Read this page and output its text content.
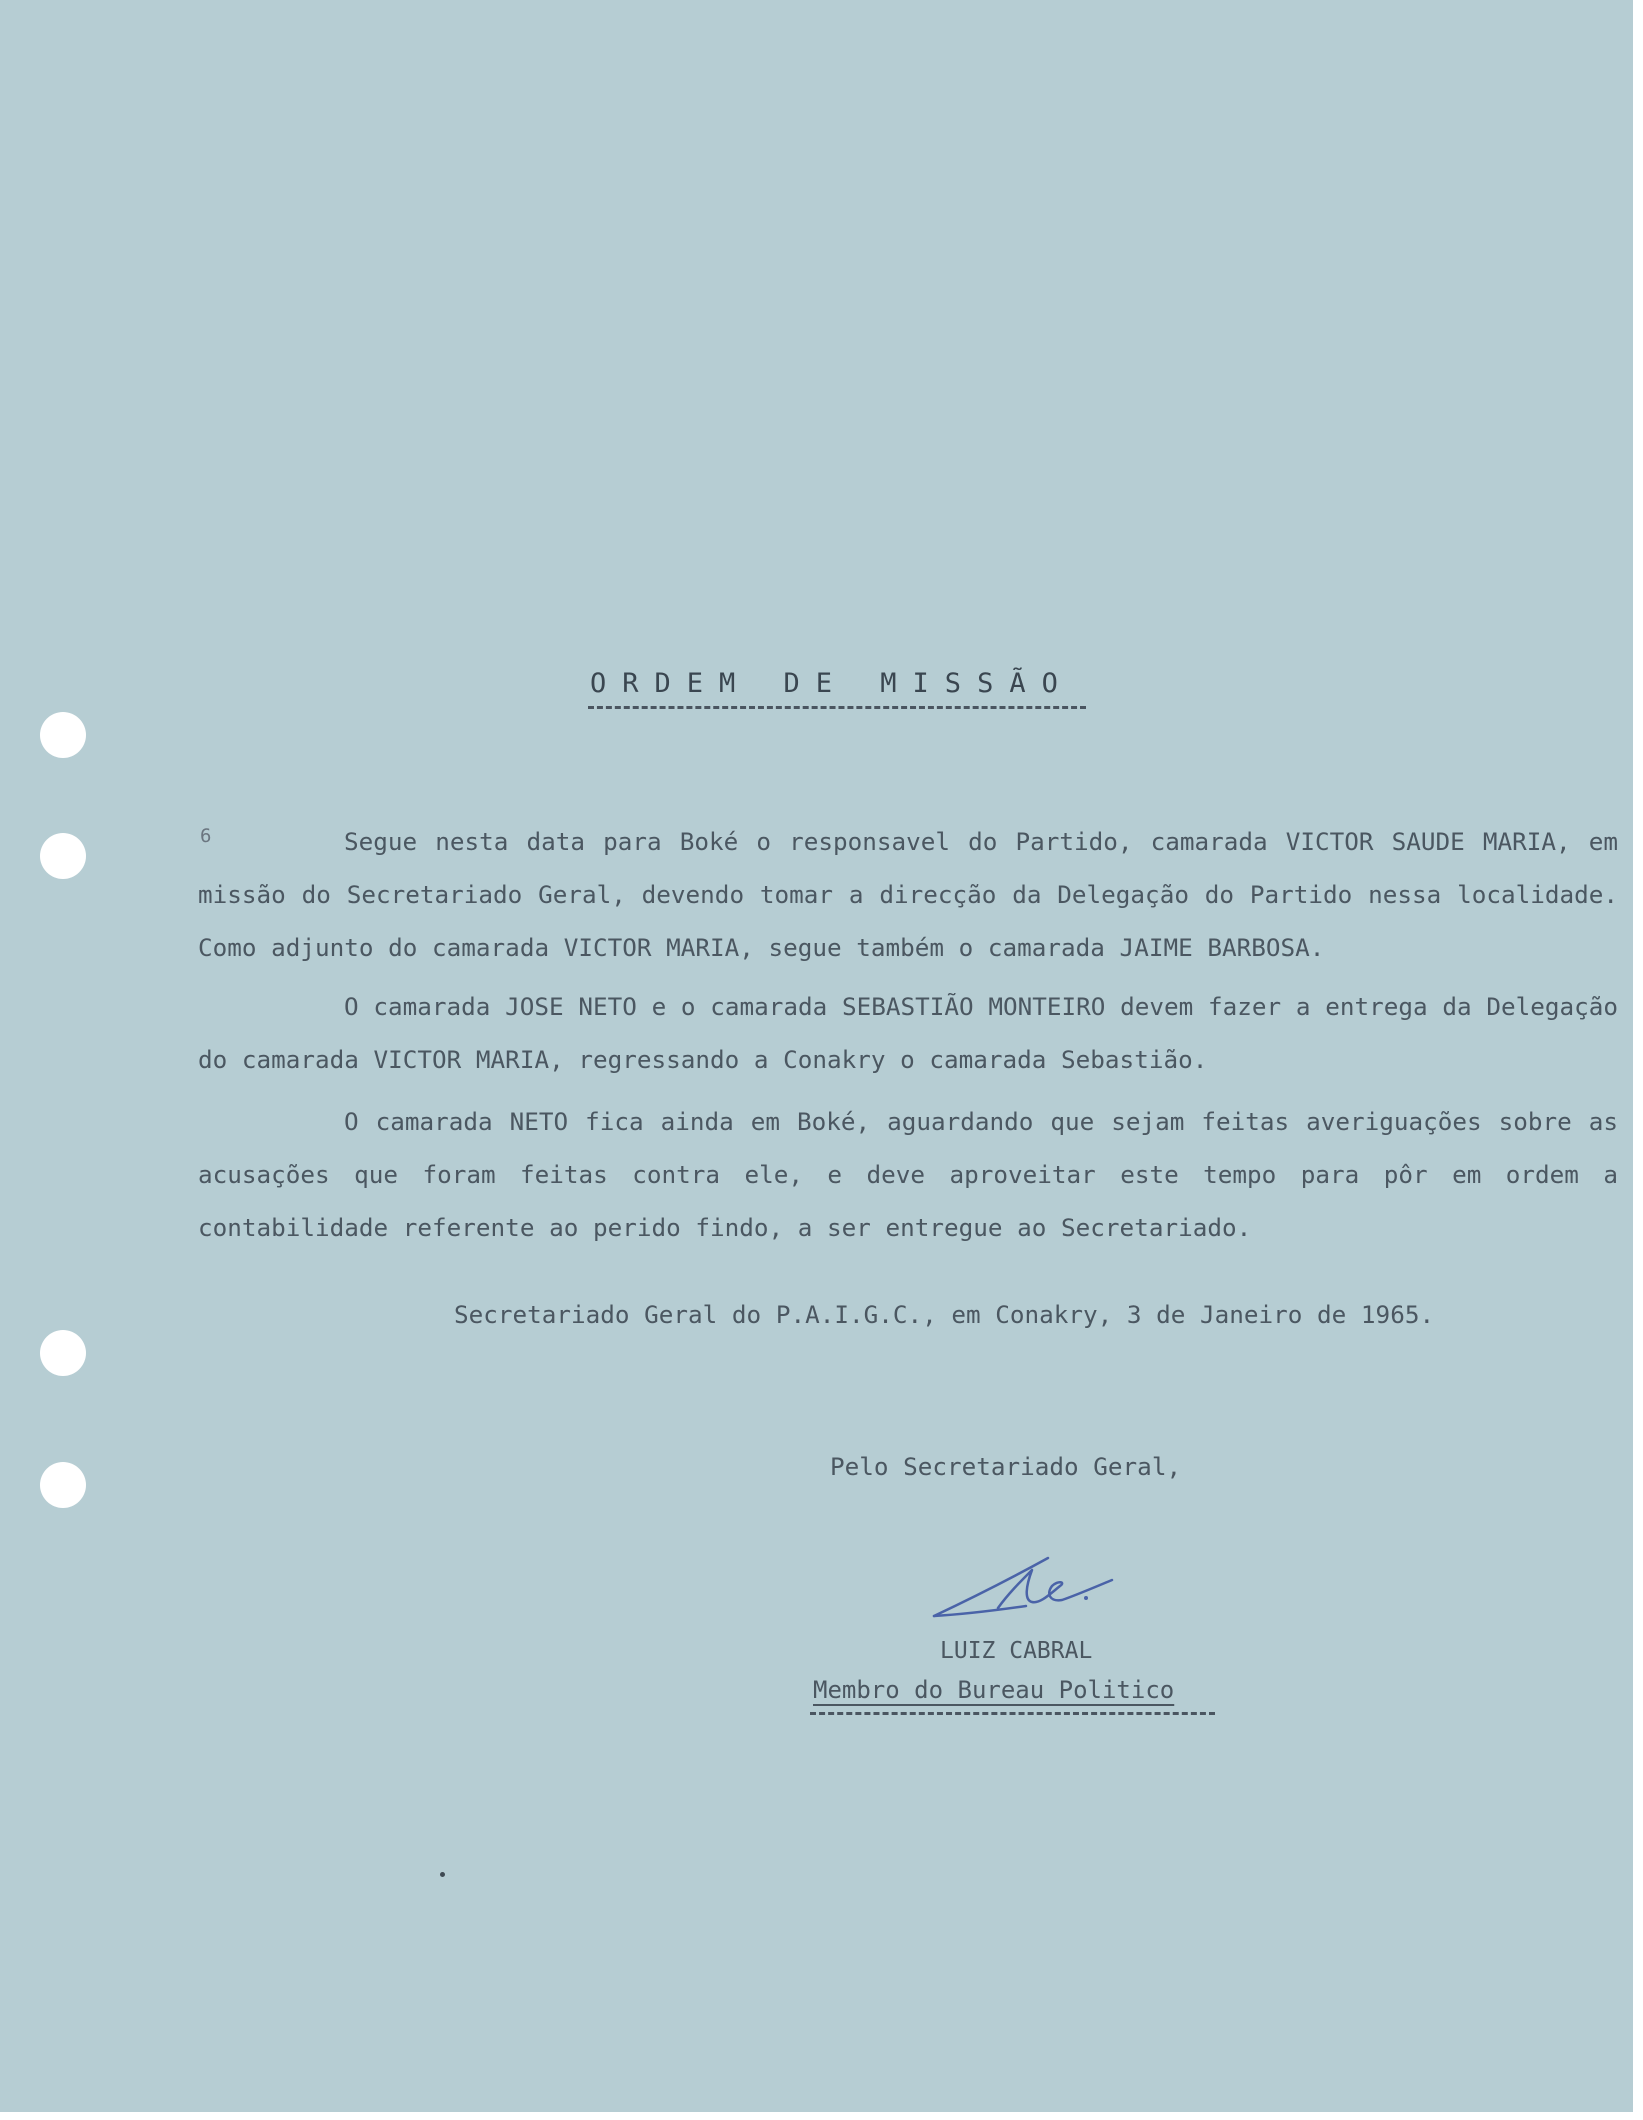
ORDEM DE MISSÃO
6	Segue nesta data para Boké o responsavel do Partido, camarada VICTOR SAUDE MARIA, em missão do Secretariado Geral, devendo tomar a direcção da Delegação do Partido nessa localidade. Como adjunto do camarada VICTOR MARIA, segue também o camarada JAIME BARBOSA.

O camarada JOSE NETO e o camarada SEBASTIÃO MONTEIRO devem fazer a entrega da Delegação do camarada VICTOR MARIA, regressando a Conakry o camarada Sebastião.

O camarada NETO fica ainda em Boké, aguardando que sejam feitas averiguações sobre as acusações que foram feitas contra ele, e deve aproveitar este tempo para pôr em ordem a contabilidade referente ao perido findo, a ser entregue ao Secretariado.

Secretariado Geral do P.A.I.G.C., em Conakry, 3 de Janeiro de 1965.

Pelo Secretariado Geral,

LUIZ CABRAL

Membro do Bureau Politico
